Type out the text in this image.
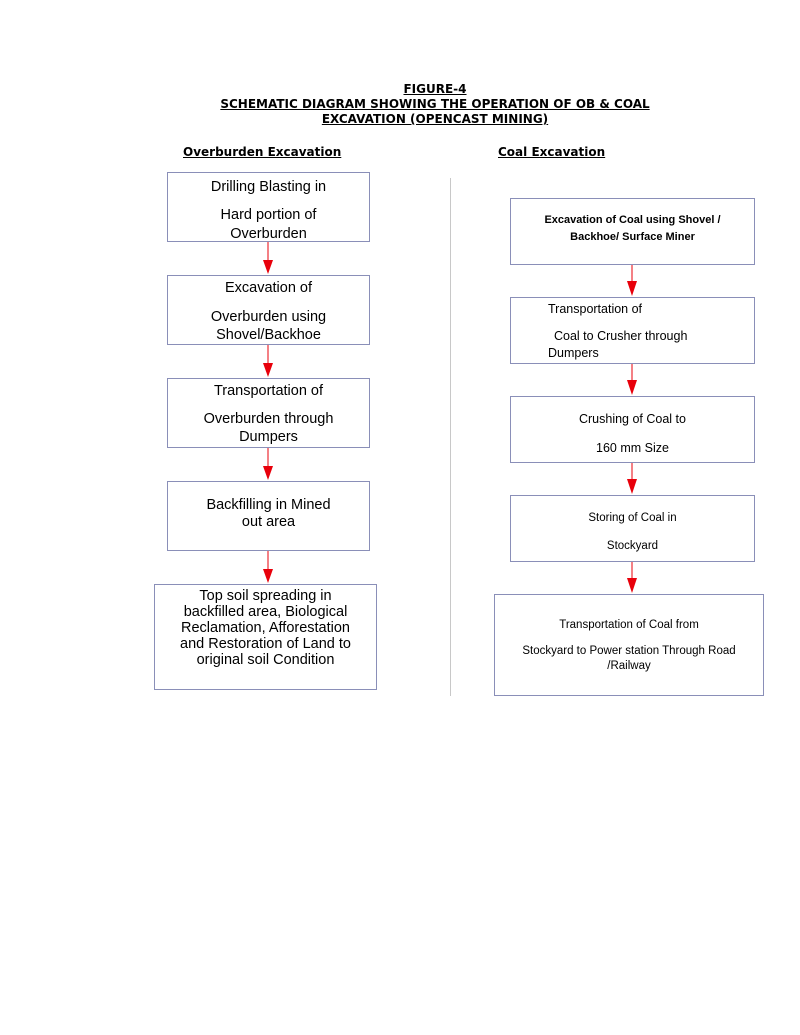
FIGURE-4
SCHEMATIC DIAGRAM SHOWING THE OPERATION OF OB & COAL
EXCAVATION (OPENCAST MINING)
Overburden Excavation	Coal Excavation
Drilling Blasting in
Hard portion of
Overburden
Excavation of
Overburden using
Shovel/Backhoe
Transportation of
Overburden through
Dumpers
Backfilling in Mined
out area
Top soil spreading in
backfilled area, Biological
Reclamation, Afforestation
and Restoration of Land to
original soil Condition
Excavation of Coal using Shovel /
Backhoe/ Surface Miner
Transportation of
Coal to Crusher through
Dumpers
Crushing of Coal to
160 mm Size
Storing of Coal in
Stockyard
Transportation of Coal from
Stockyard to Power station Through Road
/Railway
